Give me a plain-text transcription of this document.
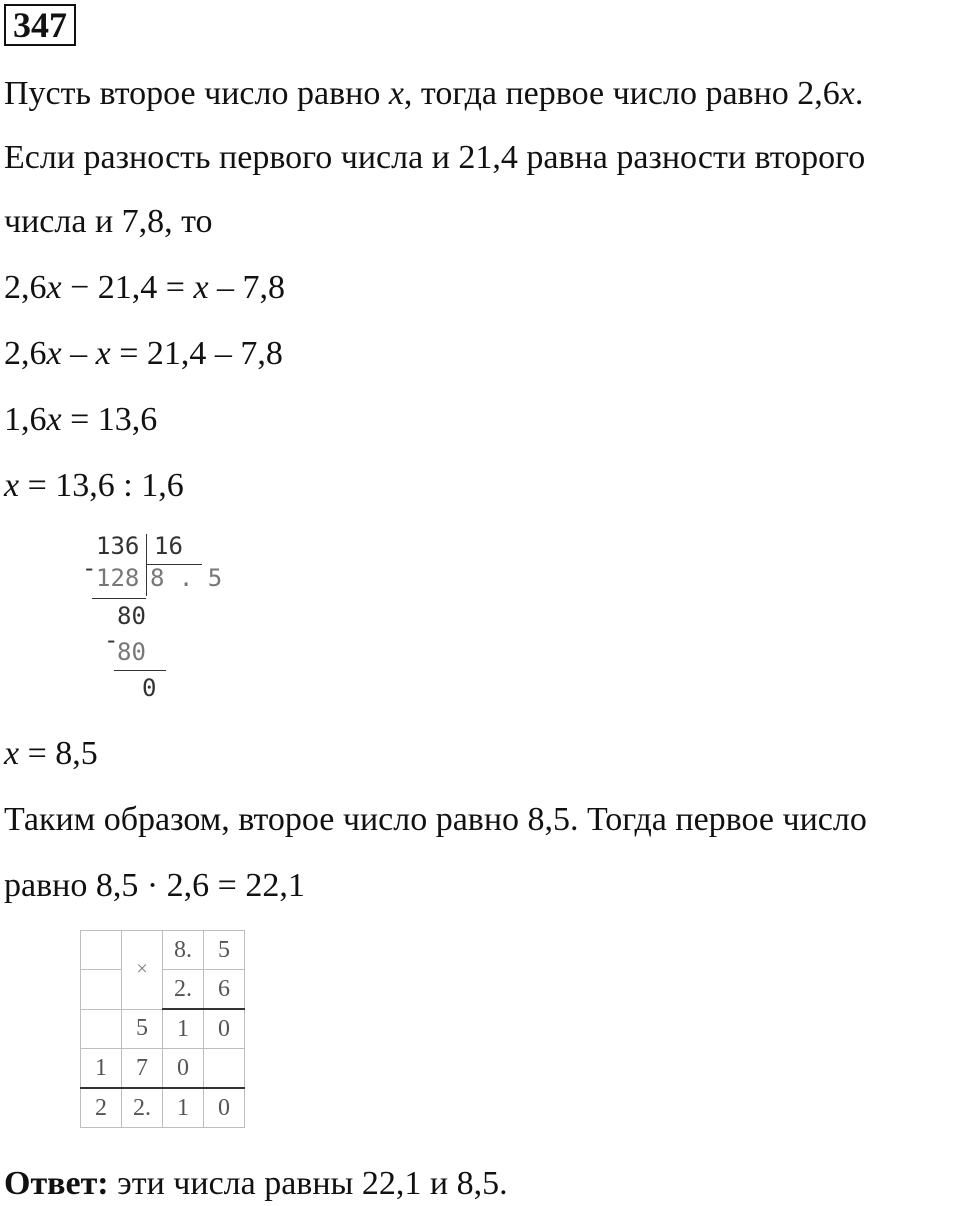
347
Пусть второе число равно x, тогда первое число равно 2,6x.
Если разность первого числа и 21,4 равна разности второго
числа и 7,8, то
2,6x − 21,4 = x – 7,8
2,6x – x = 21,4 – 7,8
1,6x = 13,6
x = 13,6 : 1,6
136 16
- 128 8 . 5
80
-
80
0
x = 8,5
Таким образом, второе число равно 8,5. Тогда первое число
равно 8,5 · 2,6 = 22,1
	×	8.	5
		2.	6
	5	1	0
1	7	0	
2	2.	1	0
Ответ: эти числа равны 22,1 и 8,5.
